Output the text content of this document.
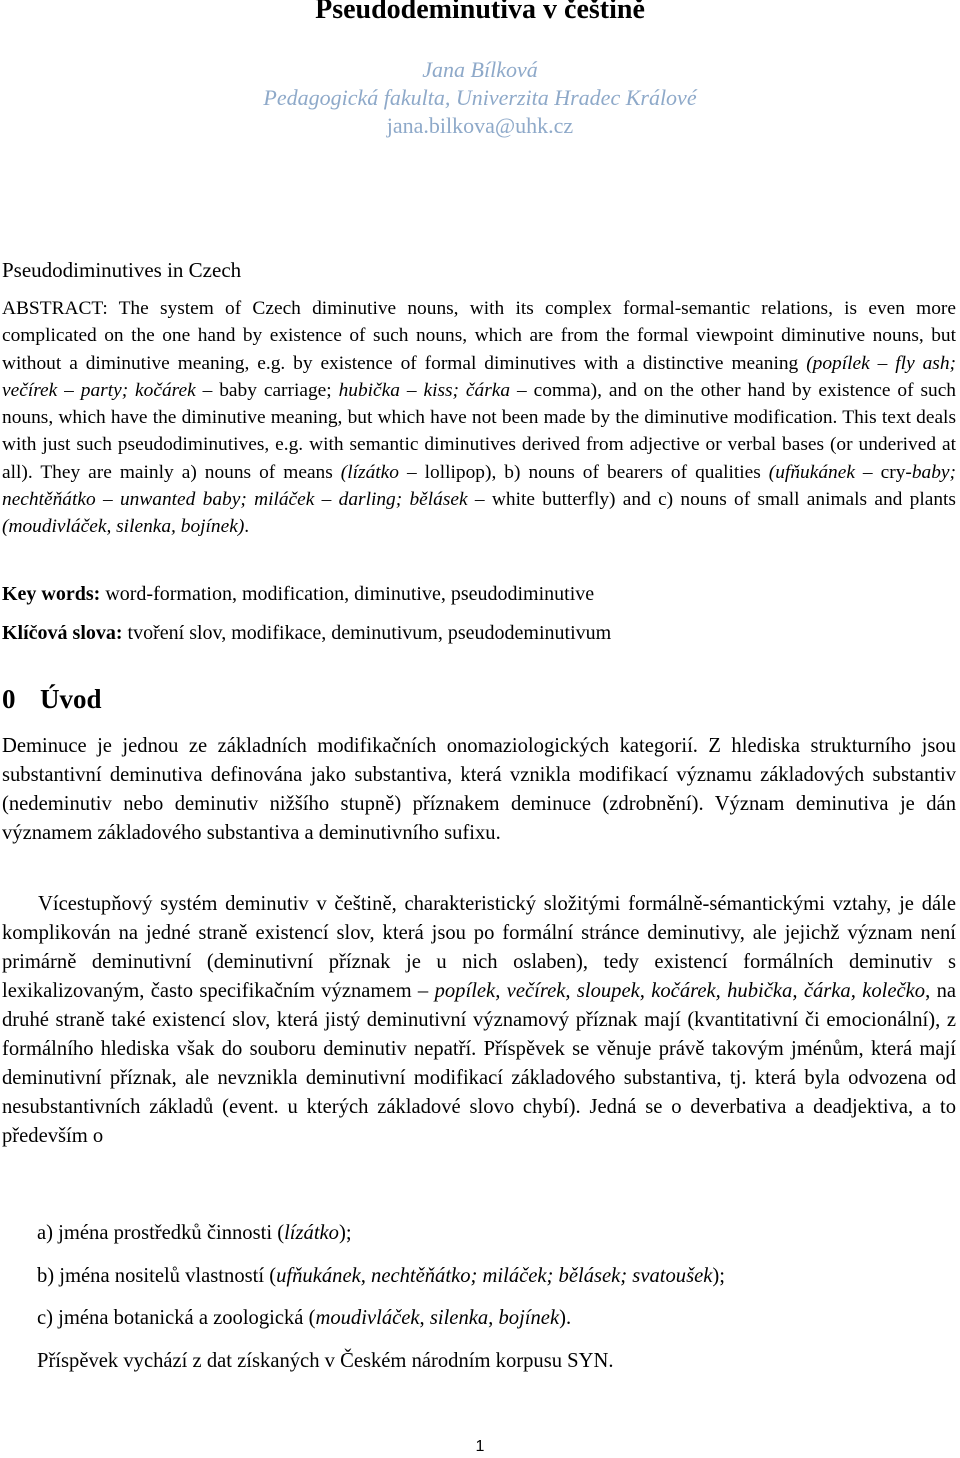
Pseudodeminutiva v češtině

Jana Bílková

Pedagogická fakulta, Univerzita Hradec Králové

jana.bilkova@uhk.cz

Pseudodiminutives in Czech

ABSTRACT: The system of Czech diminutive nouns, with its complex formal-semantic relations, is even more complicated on the one hand by existence of such nouns, which are from the formal viewpoint diminutive nouns, but without a diminutive meaning, e.g. by existence of formal diminutives with a distinctive meaning (popílek – fly ash; večírek – party; kočárek – baby carriage; hubička – kiss; čárka – comma), and on the other hand by existence of such nouns, which have the diminutive meaning, but which have not been made by the diminutive modification. This text deals with just such pseudodiminutives, e.g. with semantic diminutives derived from adjective or verbal bases (or underived at all). They are mainly a) nouns of means (lízátko – lollipop), b) nouns of bearers of qualities (ufňukánek – cry-baby; nechtěňátko – unwanted baby; miláček – darling; bělásek – white butterfly) and c) nouns of small animals and plants (moudivláček, silenka, bojínek).

Key words: word-formation, modification, diminutive, pseudodiminutive

Klíčová slova: tvoření slov, modifikace, deminutivum, pseudodeminutivum

0 Úvod

Deminuce je jednou ze základních modifikačních onomaziologických kategorií. Z hlediska strukturního jsou substantivní deminutiva definována jako substantiva, která vznikla modifikací významu základových substantiv (nedeminutiv nebo deminutiv nižšího stupně) příznakem deminuce (zdrobnění). Význam deminutiva je dán významem základového substantiva a deminutivního sufixu.

Vícestupňový systém deminutiv v češtině, charakteristický složitými formálně-sémantickými vztahy, je dále komplikován na jedné straně existencí slov, která jsou po formální stránce deminutivy, ale jejichž význam není primárně deminutivní (deminutivní příznak je u nich oslaben), tedy existencí formálních deminutiv s lexikalizovaným, často specifikačním významem – popílek, večírek, sloupek, kočárek, hubička, čárka, kolečko, na druhé straně také existencí slov, která jistý deminutivní významový příznak mají (kvantitativní či emocionální), z formálního hlediska však do souboru deminutiv nepatří. Příspěvek se věnuje právě takovým jménům, která mají deminutivní příznak, ale nevznikla deminutivní modifikací základového substantiva, tj. která byla odvozena od nesubstantivních základů (event. u kterých základové slovo chybí). Jedná se o deverbativa a deadjektiva, a to především o

a) jména prostředků činnosti (lízátko);

b) jména nositelů vlastností (ufňukánek, nechtěňátko; miláček; bělásek; svatoušek);

c) jména botanická a zoologická (moudivláček, silenka, bojínek).

Příspěvek vychází z dat získaných v Českém národním korpusu SYN.

1
